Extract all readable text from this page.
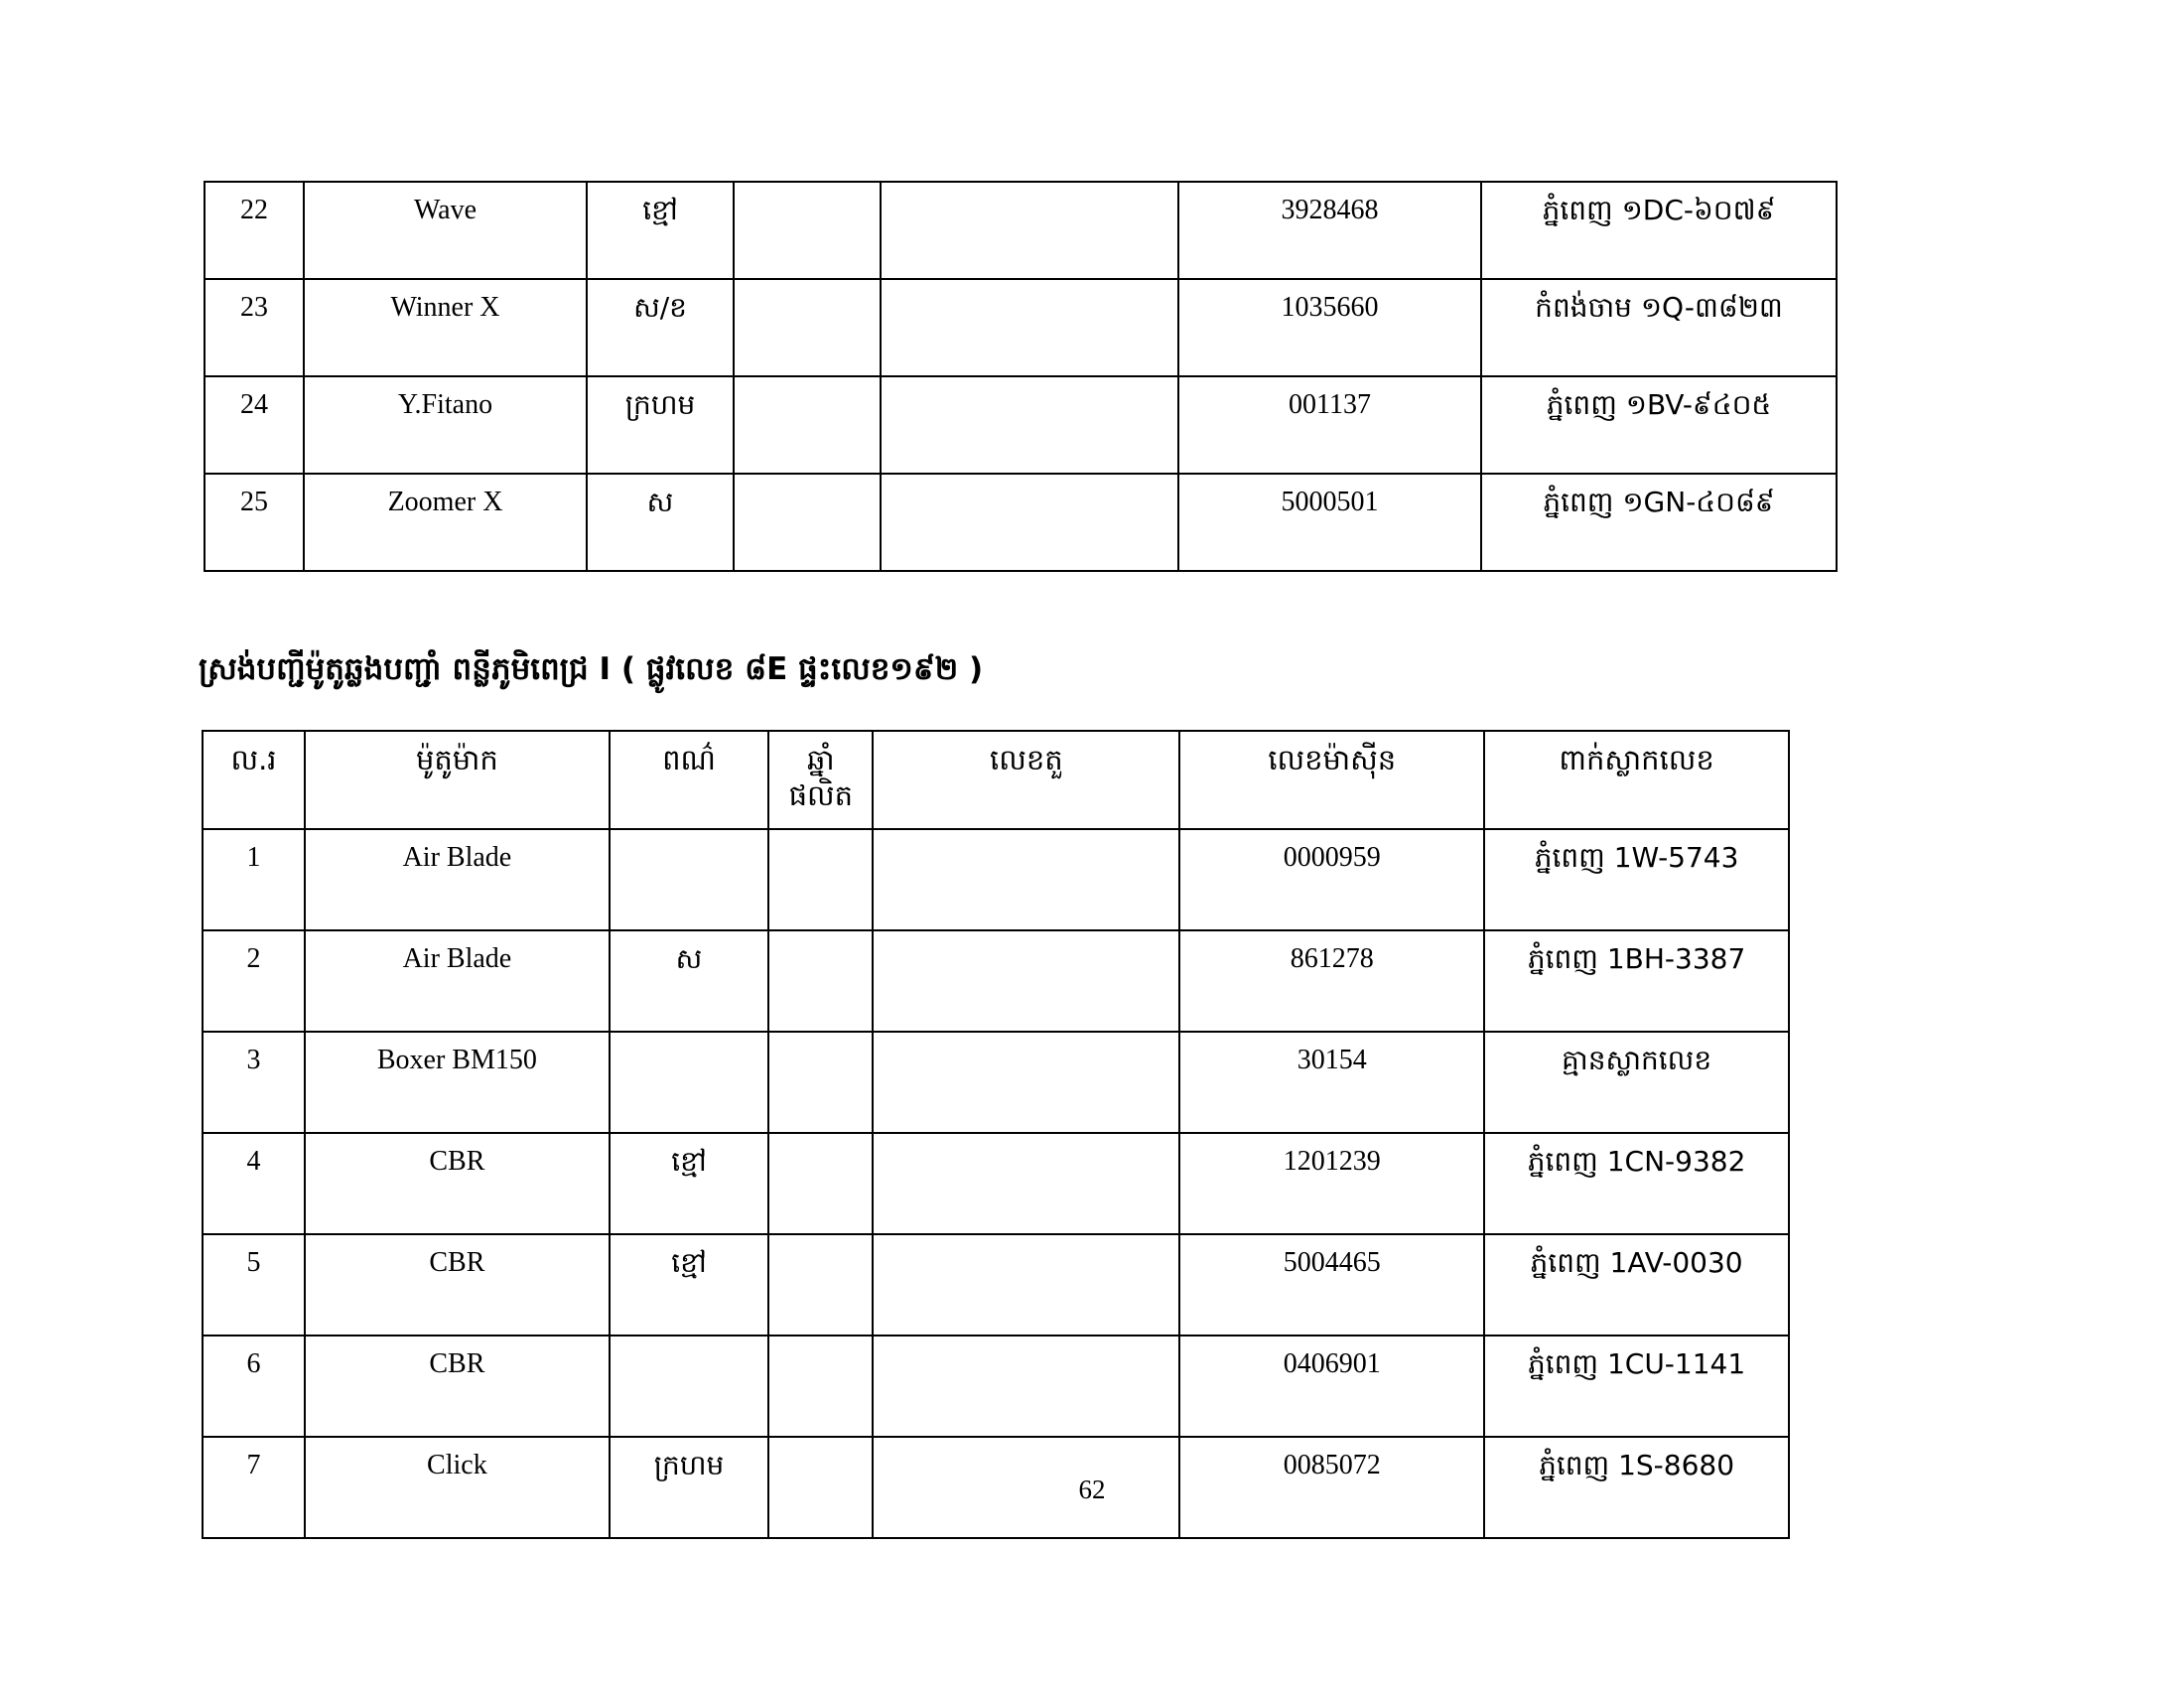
22	Wave	ខ្មៅ			3928468	ភ្នំពេញ ១DC-៦០៧៩
23	Winner X	ស/ខ			1035660	កំពង់ចាម ១Q-៣៨២៣
24	Y.Fitano	ក្រហម			001137	ភ្នំពេញ ១BV-៩៤០៥
25	Zoomer X	ស			5000501	ភ្នំពេញ ១GN-៤០៨៩
ស្រង់បញ្ជីម៉ូតូឆ្លងបញ្ជាំ ពន្លីភូមិពេជ្រ I ( ផ្លូវលេខ ៨E ផ្ទះលេខ១៩២ )
ល.រ	ម៉ូតូម៉ាក	ពណ៌	ឆ្នាំផលិត	លេខតួ	លេខម៉ាស៊ីន	ពាក់ស្លាកលេខ
1	Air Blade				0000959	ភ្នំពេញ 1W-5743
2	Air Blade	ស			861278	ភ្នំពេញ 1BH-3387
3	Boxer BM150				30154	គ្មានស្លាកលេខ
4	CBR	ខ្មៅ			1201239	ភ្នំពេញ 1CN-9382
5	CBR	ខ្មៅ			5004465	ភ្នំពេញ 1AV-0030
6	CBR				0406901	ភ្នំពេញ 1CU-1141
7	Click	ក្រហម			0085072	ភ្នំពេញ 1S-8680
62
